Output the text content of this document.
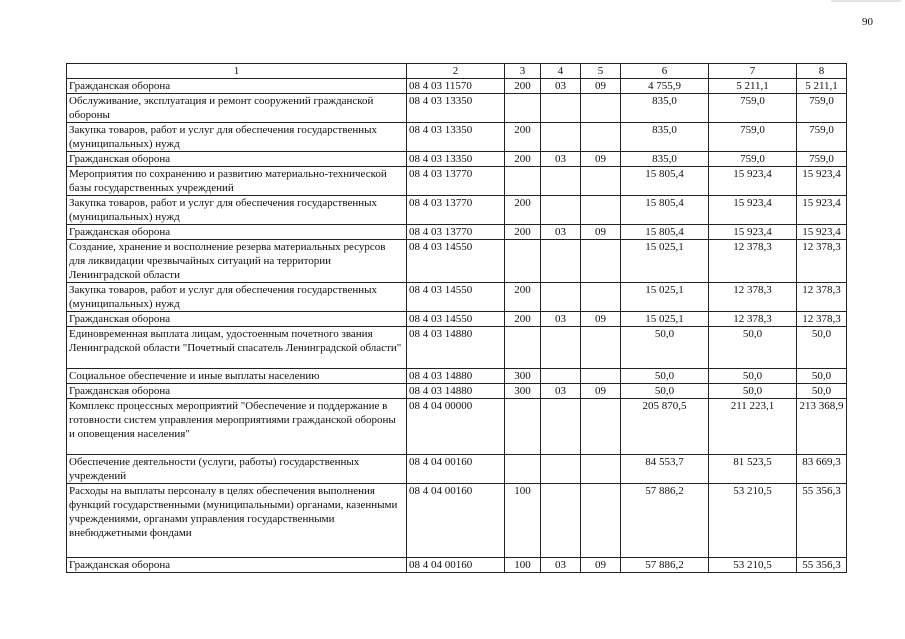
90
1	2	3	4	5	6	7	8
Гражданская оборона	08 4 03 11570	200	03	09	4 755,9	5 211,1	5 211,1
Обслуживание, эксплуатация и ремонт сооружений гражданской обороны	08 4 03 13350				835,0	759,0	759,0
Закупка товаров, работ и услуг для обеспечения государственных (муниципальных) нужд	08 4 03 13350	200			835,0	759,0	759,0
Гражданская оборона	08 4 03 13350	200	03	09	835,0	759,0	759,0
Мероприятия по сохранению и развитию материально-технической базы государственных учреждений	08 4 03 13770				15 805,4	15 923,4	15 923,4
Закупка товаров, работ и услуг для обеспечения государственных (муниципальных) нужд	08 4 03 13770	200			15 805,4	15 923,4	15 923,4
Гражданская оборона	08 4 03 13770	200	03	09	15 805,4	15 923,4	15 923,4
Создание, хранение и восполнение резерва материальных ресурсов для ликвидации чрезвычайных ситуаций на территории Ленинградской области	08 4 03 14550				15 025,1	12 378,3	12 378,3
Закупка товаров, работ и услуг для обеспечения государственных (муниципальных) нужд	08 4 03 14550	200			15 025,1	12 378,3	12 378,3
Гражданская оборона	08 4 03 14550	200	03	09	15 025,1	12 378,3	12 378,3
Единовременная выплата лицам, удостоенным почетного звания Ленинградской области "Почетный спасатель Ленинградской области"	08 4 03 14880				50,0	50,0	50,0
Социальное обеспечение и иные выплаты населению	08 4 03 14880	300			50,0	50,0	50,0
Гражданская оборона	08 4 03 14880	300	03	09	50,0	50,0	50,0
Комплекс процессных мероприятий "Обеспечение и поддержание в готовности систем управления мероприятиями гражданской обороны и оповещения населения"	08 4 04 00000				205 870,5	211 223,1	213 368,9
Обеспечение деятельности (услуги, работы) государственных учреждений	08 4 04 00160				84 553,7	81 523,5	83 669,3
Расходы на выплаты персоналу в целях обеспечения выполнения функций государственными (муниципальными) органами, казенными учреждениями, органами управления государственными внебюджетными фондами	08 4 04 00160	100			57 886,2	53 210,5	55 356,3
Гражданская оборона	08 4 04 00160	100	03	09	57 886,2	53 210,5	55 356,3
